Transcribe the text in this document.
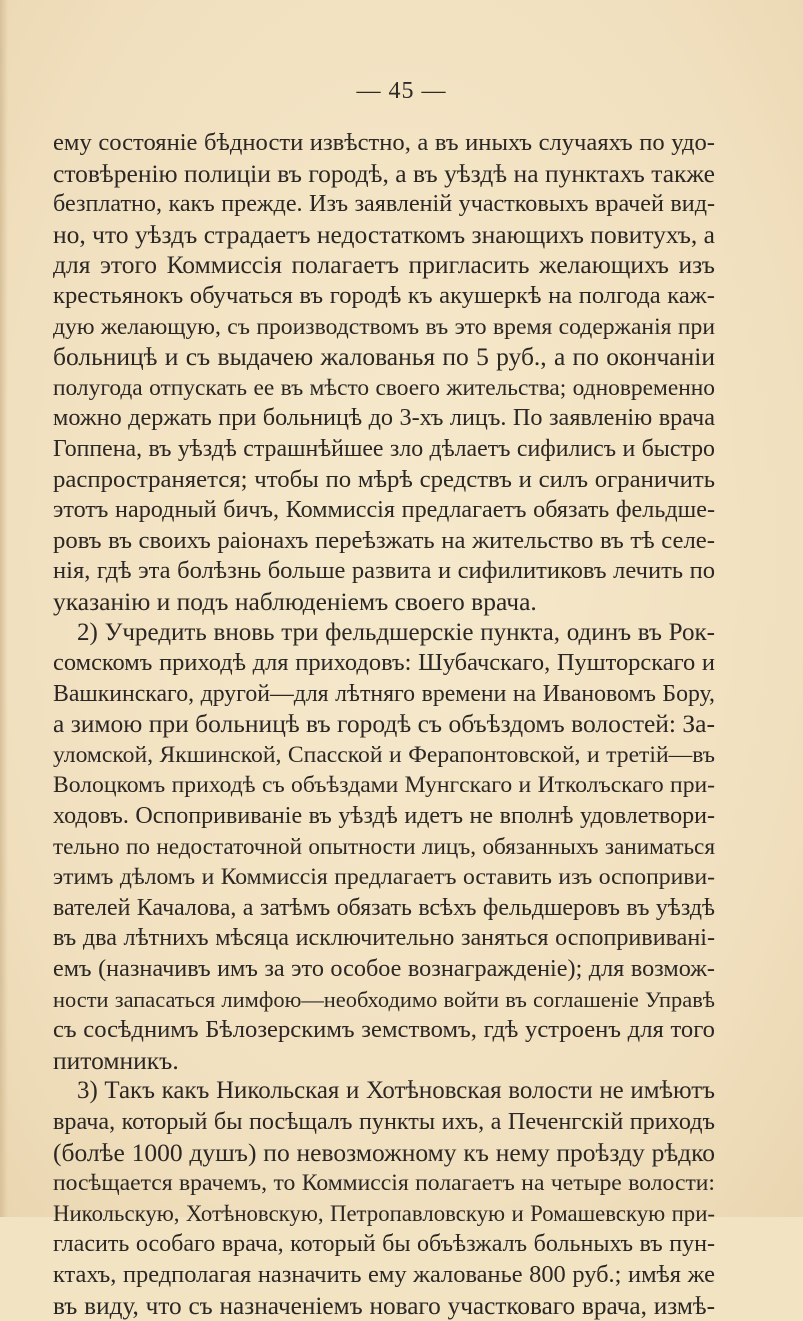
— 45 —
ему состояніе бѣдности извѣстно, а въ иныхъ случаяхъ по удо-
стовѣренію полиціи въ городѣ, а въ уѣздѣ на пунктахъ также
безплатно, какъ прежде. Изъ заявленій участковыхъ врачей вид-
но, что уѣздъ страдаетъ недостаткомъ знающихъ повитухъ, а
для этого Коммиссія полагаетъ пригласить желающихъ изъ
крестьянокъ обучаться въ городѣ къ акушеркѣ на полгода каж-
дую желающую, съ производствомъ въ это время содержанія при
больницѣ и съ выдачею жалованья по 5 руб., а по окончаніи
полугода отпускать ее въ мѣсто своего жительства; одновременно
можно держать при больницѣ до 3-хъ лицъ. По заявленію врача
Гоппена, въ уѣздѣ страшнѣйшее зло дѣлаетъ сифилисъ и быстро
распространяется; чтобы по мѣрѣ средствъ и силъ ограничить
этотъ народный бичъ, Коммиссія предлагаетъ обязать фельдше-
ровъ въ своихъ раіонахъ переѣзжать на жительство въ тѣ селе-
нія, гдѣ эта болѣзнь больше развита и сифилитиковъ лечить по
указанію и подъ наблюденіемъ своего врача.
2) Учредить вновь три фельдшерскіе пункта, одинъ въ Рок-
сомскомъ приходѣ для приходовъ: Шубачскаго, Пушторскаго и
Вашкинскаго, другой—для лѣтняго времени на Ивановомъ Бору,
а зимою при больницѣ въ городѣ съ объѣздомъ волостей: За-
уломской, Якшинской, Спасской и Ферапонтовской, и третій—въ
Волоцкомъ приходѣ съ объѣздами Мунгскаго и Итколъскаго при-
ходовъ. Оспопрививаніе въ уѣздѣ идетъ не вполнѣ удовлетвори-
тельно по недостаточной опытности лицъ, обязанныхъ заниматься
этимъ дѣломъ и Коммиссія предлагаетъ оставить изъ оспоприви-
вателей Качалова, а затѣмъ обязать всѣхъ фельдшеровъ въ уѣздѣ
въ два лѣтнихъ мѣсяца исключительно заняться оспопрививані-
емъ (назначивъ имъ за это особое вознагражденіе); для возмож-
ности запасаться лимфою—необходимо войти въ соглашеніе Управѣ
съ сосѣднимъ Бѣлозерскимъ земствомъ, гдѣ устроенъ для того
питомникъ.
3) Такъ какъ Никольская и Хотѣновская волости не имѣютъ
врача, который бы посѣщалъ пункты ихъ, а Печенгскій приходъ
(болѣе 1000 душъ) по невозможному къ нему проѣзду рѣдко
посѣщается врачемъ, то Коммиссія полагаетъ на четыре волости:
Никольскую, Хотѣновскую, Петропавловскую и Ромашевскую при-
гласить особаго врача, который бы объѣзжалъ больныхъ въ пун-
ктахъ, предполагая назначить ему жалованье 800 руб.; имѣя же
въ виду, что съ назначеніемъ новаго участковаго врача, измѣ-
